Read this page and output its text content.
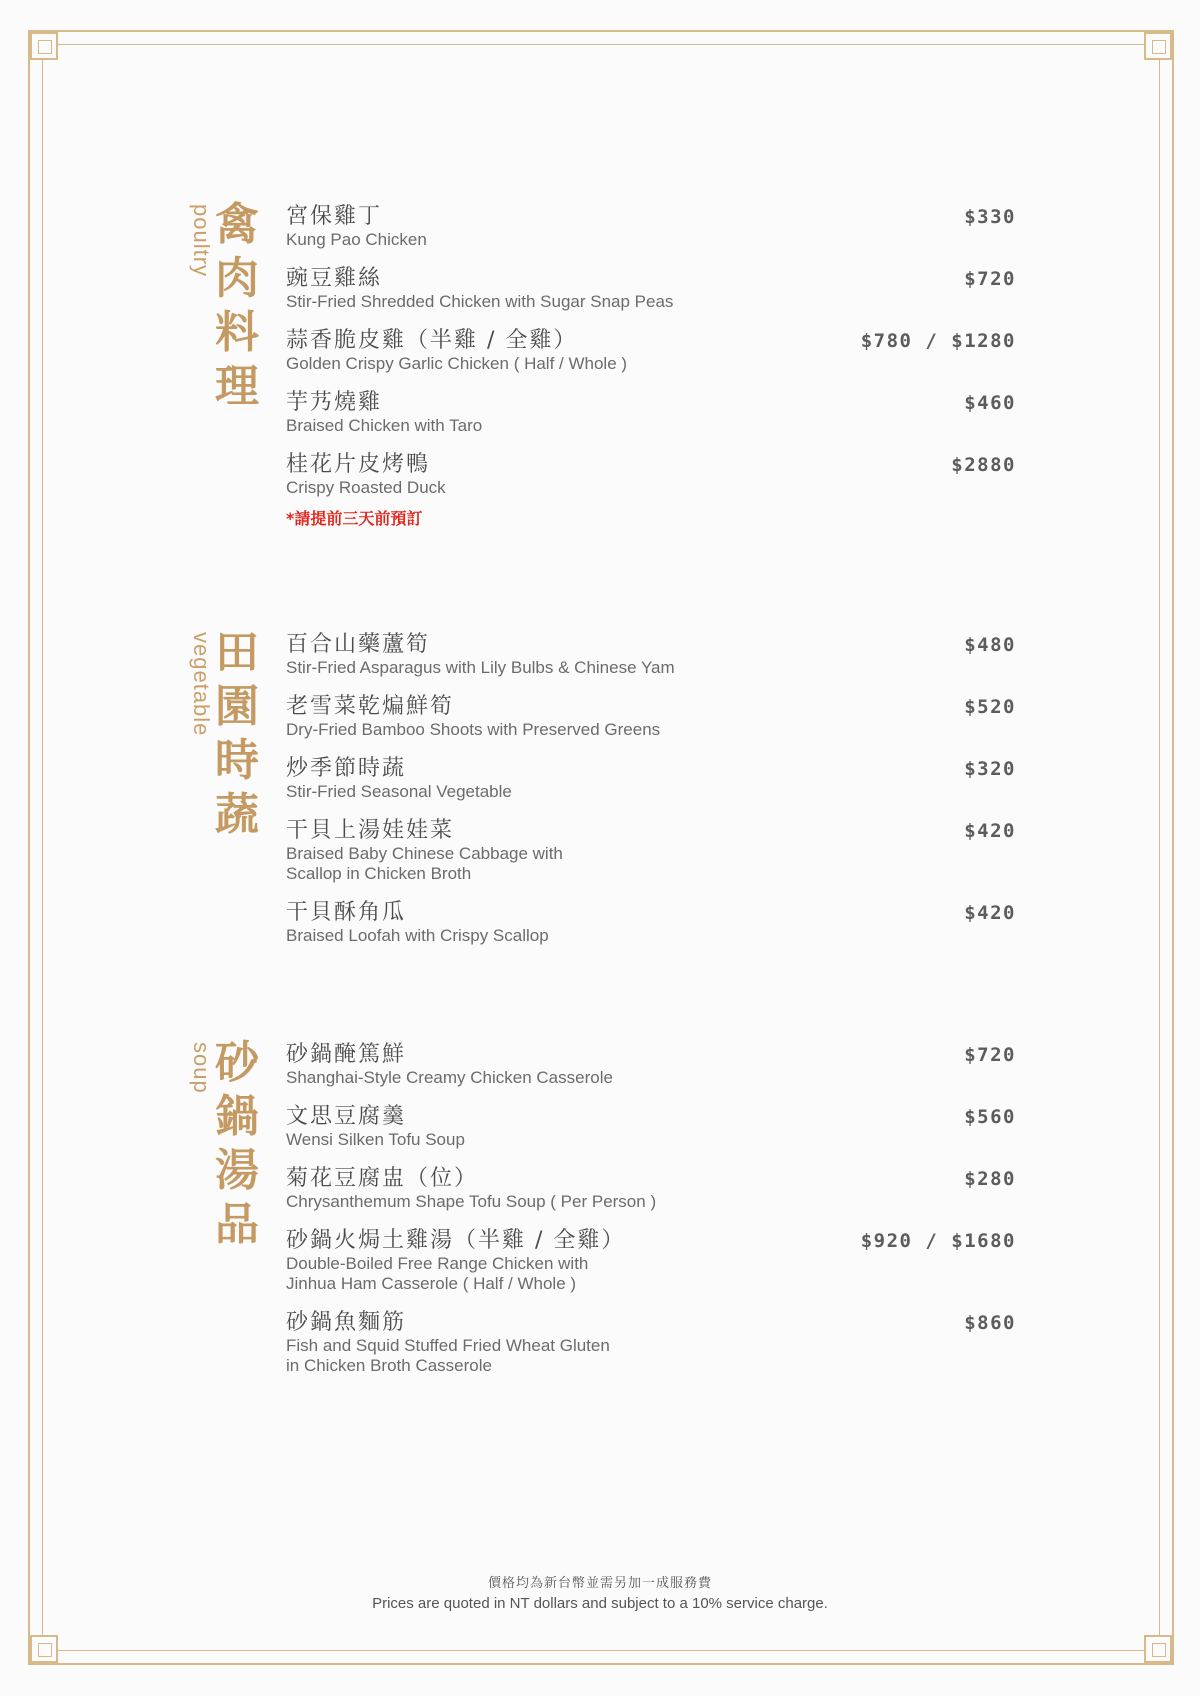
poultry 禽
肉
料
理
宮保雞丁
Kung Pao Chicken
$330
豌豆雞絲
Stir-Fried Shredded Chicken with Sugar Snap Peas
$720
蒜香脆皮雞（半雞 / 全雞）
Golden Crispy Garlic Chicken ( Half / Whole )
$780 / $1280
芋艿燒雞
Braised Chicken with Taro
$460
桂花片皮烤鴨
Crispy Roasted Duck
*請提前三天前預訂
$2880
vegetable 田
園
時
蔬
百合山藥蘆筍
Stir-Fried Asparagus with Lily Bulbs & Chinese Yam
$480
老雪菜乾煸鮮筍
Dry-Fried Bamboo Shoots with Preserved Greens
$520
炒季節時蔬
Stir-Fried Seasonal Vegetable
$320
干貝上湯娃娃菜
Braised Baby Chinese Cabbage with
Scallop in Chicken Broth
$420
干貝酥角瓜
Braised Loofah with Crispy Scallop
$420
soup 砂
鍋
湯
品
砂鍋醃篤鮮
Shanghai-Style Creamy Chicken Casserole
$720
文思豆腐羹
Wensi Silken Tofu Soup
$560
菊花豆腐盅（位）
Chrysanthemum Shape Tofu Soup ( Per Person )
$280
砂鍋火焗土雞湯（半雞 / 全雞）
Double-Boiled Free Range Chicken with
Jinhua Ham Casserole ( Half / Whole )
$920 / $1680
砂鍋魚麵筋
Fish and Squid Stuffed Fried Wheat Gluten
in Chicken Broth Casserole
$860
價格均為新台幣並需另加一成服務費
Prices are quoted in NT dollars and subject to a 10% service charge.
